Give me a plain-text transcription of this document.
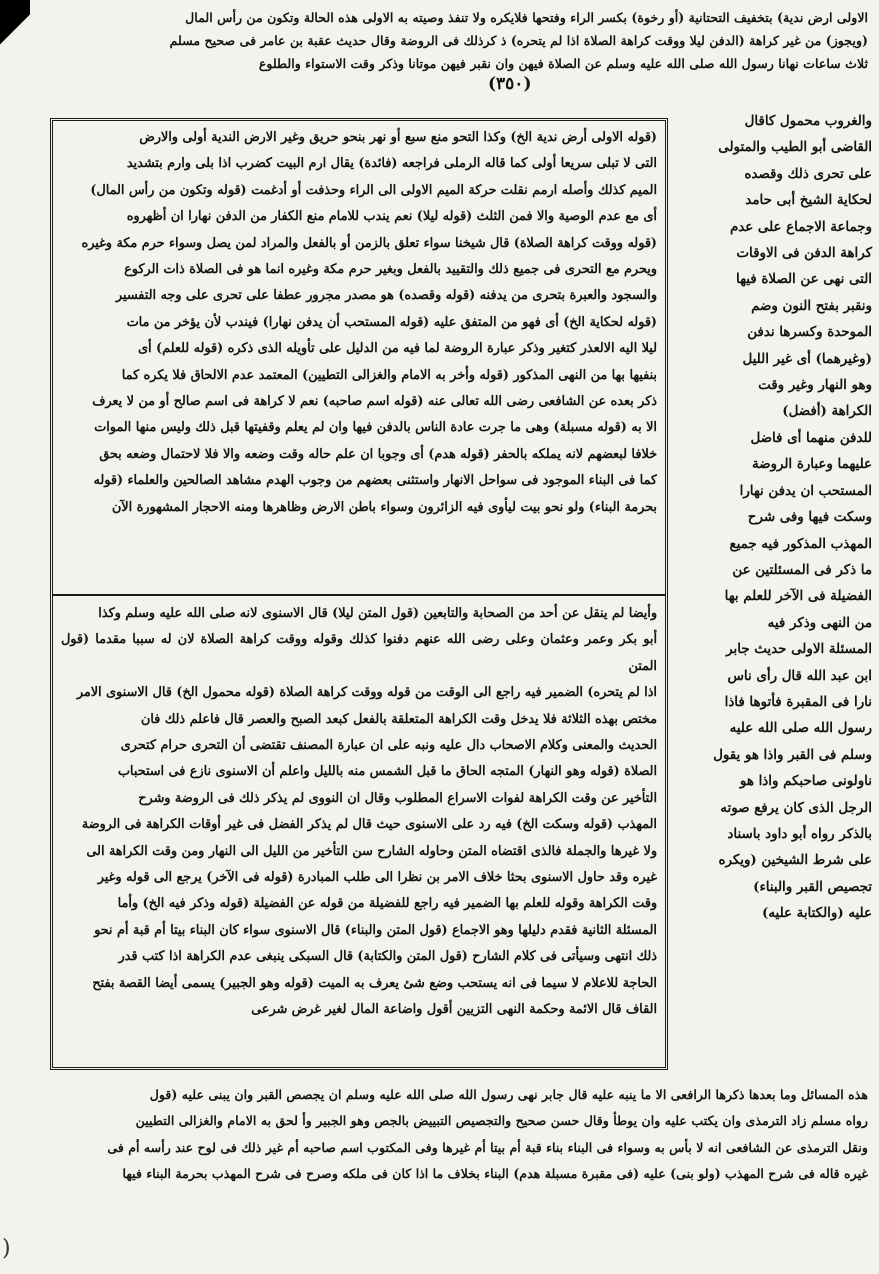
الاولى ارض ندية) بتخفيف التحتانية (أو رخوة) بكسر الراء وفتحها فلايكره ولا تنفذ وصيته به الاولى هذه الحالة وتكون من رأس المال
(ويجوز) من غير كراهة (الدفن ليلا ووقت كراهة الصلاة اذا لم يتحره) ذ كرذلك فى الروضة وقال حديث عقبة بن عامر فى صحيح مسلم
ثلاث ساعات نهانا رسول الله صلى الله عليه وسلم عن الصلاة فيهن وان نقبر فيهن موتانا وذكر وقت الاستواء والطلوع
(٣٥٠)
والغروب محمول كاقال
القاضى أبو الطيب والمتولى
على تحرى ذلك وقصده
لحكاية الشيخ أبى حامد
وجماعة الاجماع على عدم
كراهة الدفن فى الاوقات
التى نهى عن الصلاة فيها
ونقبر بفتح النون وضم
الموحدة وكسرها ندفن
(وغيرهما) أى غير الليل
وهو النهار وغير وقت
الكراهة (أفضل)
للدفن منهما أى فاضل
عليهما وعبارة الروضة
المستحب ان يدفن نهارا
وسكت فيها وفى شرح
المهذب المذكور فيه جميع
ما ذكر فى المسئلتين عن
الفضيلة فى الآخر للعلم بها
من النهى وذكر فيه
المسئلة الاولى حديث جابر
ابن عبد الله قال رأى ناس
نارا فى المقبرة فأتوها فاذا
رسول الله صلى الله عليه
وسلم فى القبر واذا هو يقول
ناولونى صاحبكم واذا هو
الرجل الذى كان يرفع صوته
بالذكر رواه أبو داود باسناد
على شرط الشيخين (ويكره
تجصيص القبر والبناء)
عليه (والكتابة عليه)
(قوله الاولى أرض ندية الخ) وكذا التحو منع سبع أو نهر بنحو حريق وغير الارض الندية أولى والارض
التى لا تبلى سريعا أولى كما قاله الرملى فراجعه (فائدة) يقال ارم البيت كضرب اذا بلى وارم بتشديد
الميم كذلك وأصله ارمم نقلت حركة الميم الاولى الى الراء وحذفت أو أدغمت (قوله وتكون من رأس المال)
أى مع عدم الوصية والا فمن الثلث (قوله ليلا) نعم يندب للامام منع الكفار من الدفن نهارا ان أظهروه
(قوله ووقت كراهة الصلاة) قال شيخنا سواء تعلق بالزمن أو بالفعل والمراد لمن يصل وسواء حرم مكة وغيره
ويحرم مع التحرى فى جميع ذلك والتقييد بالفعل وبغير حرم مكة وغيره انما هو فى الصلاة ذات الركوع
والسجود والعبرة بتحرى من يدفنه (قوله وقصده) هو مصدر مجرور عطفا على تحرى على وجه التفسير
(قوله لحكاية الخ) أى فهو من المتفق عليه (قوله المستحب أن يدفن نهارا) فيندب لأن يؤخر من مات
ليلا اليه الالعذر كتغير وذكر عبارة الروضة لما فيه من الدليل على تأويله الذى ذكره (قوله للعلم) أى
بنفيها بها من النهى المذكور (قوله وأخر به الامام والغزالى التطيين) المعتمد عدم الالحاق فلا يكره كما
ذكر بعده عن الشافعى رضى الله تعالى عنه (قوله اسم صاحبه) نعم لا كراهة فى اسم صالح أو من لا يعرف
الا به (قوله مسبلة) وهى ما جرت عادة الناس بالدفن فيها وان لم يعلم وقفيتها قبل ذلك وليس منها الموات
خلافا لبعضهم لانه يملكه بالحفر (قوله هدم) أى وجوبا ان علم حاله وقت وضعه والا فلا لاحتمال وضعه بحق
كما فى البناء الموجود فى سواحل الانهار واستثنى بعضهم من وجوب الهدم مشاهد الصالحين والعلماء (قوله
بحرمة البناء) ولو نحو بيت ليأوى فيه الزائرون وسواء باطن الارض وظاهرها ومنه الاحجار المشهورة الآن
وأيضا لم ينقل عن أحد من الصحابة والتابعين (قول المتن ليلا) قال الاسنوى لانه صلى الله عليه وسلم وكذا
أبو بكر وعمر وعثمان وعلى رضى الله عنهم دفنوا كذلك وقوله ووقت كراهة الصلاة لان له سببا مقدما (قول المتن
اذا لم يتحره) الضمير فيه راجع الى الوقت من قوله ووقت كراهة الصلاة (قوله محمول الخ) قال الاسنوى الامر
مختص بهذه الثلاثة فلا يدخل وقت الكراهة المتعلقة بالفعل كبعد الصبح والعصر قال فاعلم ذلك فان
الحديث والمعنى وكلام الاصحاب دال عليه ونبه على ان عبارة المصنف تقتضى أن التحرى حرام كتحرى
الصلاة (قوله وهو النهار) المتجه الحاق ما قبل الشمس منه بالليل واعلم أن الاسنوى نازع فى استحباب
التأخير عن وقت الكراهة لفوات الاسراع المطلوب وقال ان النووى لم يذكر ذلك فى الروضة وشرح
المهذب (قوله وسكت الخ) فيه رد على الاسنوى حيث قال لم يذكر الفضل فى غير أوقات الكراهة فى الروضة
ولا غيرها والجملة فالذى اقتضاه المتن وحاوله الشارح سن التأخير من الليل الى النهار ومن وقت الكراهة الى
غيره وقد حاول الاسنوى بحثا خلاف الامر بن نظرا الى طلب المبادرة (قوله فى الآخر) يرجع الى قوله وغير
وقت الكراهة وقوله للعلم بها الضمير فيه راجع للفضيلة من قوله عن الفضيلة (قوله وذكر فيه الخ) وأما
المسئلة الثانية فقدم دليلها وهو الاجماع (قول المتن والبناء) قال الاسنوى سواء كان البناء بيتا أم قبة أم نحو
ذلك انتهى وسيأتى فى كلام الشارح (قول المتن والكتابة) قال السبكى ينبغى عدم الكراهة اذا كتب قدر
الحاجة للاعلام لا سيما فى انه يستحب وضع شئ يعرف به الميت (قوله وهو الجبير) يسمى أيضا القصة بفتح
القاف قال الائمة وحكمة النهى التزيين أقول واضاعة المال لغير غرض شرعى
هذه المسائل وما بعدها ذكرها الرافعى الا ما ينبه عليه قال جابر نهى رسول الله صلى الله عليه وسلم ان يجصص القبر وان يبنى عليه (قول
رواه مسلم زاد الترمذى وان يكتب عليه وان يوطأ وقال حسن صحيح والتجصيص التبييض بالجص وهو الجبير وأ لحق به الامام والغزالى التطيين
ونقل الترمذى عن الشافعى انه لا بأس به وسواء فى البناء بناء قبة أم بيتا أم غيرها وفى المكتوب اسم صاحبه أم غير ذلك فى لوح عند رأسه أم فى
غيره قاله فى شرح المهذب (ولو بنى) عليه (فى مقبرة مسبلة هدم) البناء بخلاف ما اذا كان فى ملكه وصرح فى شرح المهذب بحرمة البناء فيها
)
